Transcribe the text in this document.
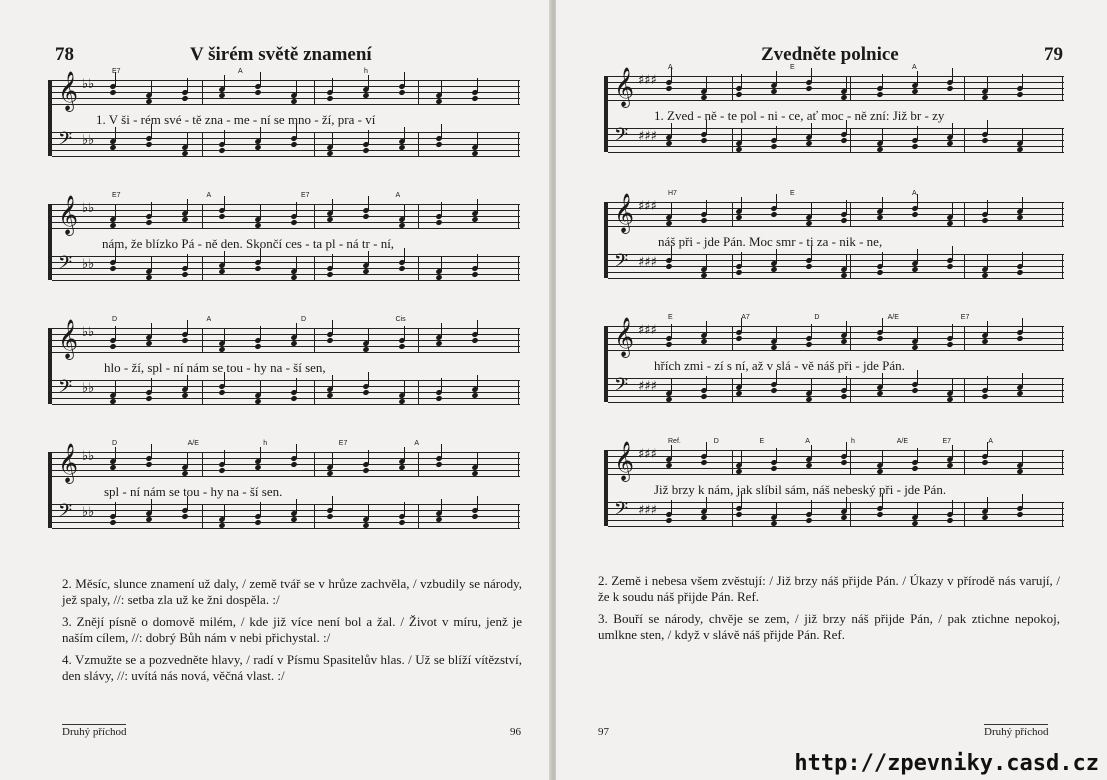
78	V širém světě znamení
𝄞 ♭♭
𝄢 ♭♭
E7	A	h
1. V ši - rém své - tě zna - me - ní se mno - ží, pra - ví
𝄞 ♭♭
𝄢 ♭♭
E7	A	E7	A
nám, že blízko Pá - ně den. Skončí ces - ta pl - ná tr - ní,
𝄞 ♭♭
𝄢 ♭♭
D	A	D	Cis
hlo - ží, spl - ní nám se tou - hy na - ší sen,
𝄞 ♭♭
𝄢 ♭♭
D	A/E	h	E7	A
spl - ní nám se tou - hy na - ší sen.

2. Měsíc, slunce znamení už daly, / země tvář se v hrůze zachvěla, / vzbudily se národy, jež spaly, //: setba zla už ke žni dospěla. :/

3. Znějí písně o domově milém, / kde již více není bol a žal. / Život v míru, jenž je naším cílem, //: dobrý Bůh nám v nebi přichystal. :/

4. Vzmužte se a pozvedněte hlavy, / radí v Písmu Spasitelův hlas. / Už se blíží vítězství, den slávy, //: uvítá nás nová, věčná vlast. :/

Druhý příchod	96
Zvedněte polnice	79
𝄞 ♯♯♯
𝄢 ♯♯♯
A	E	A
1. Zved - ně - te pol - ni - ce, ať moc - ně zní: Již br - zy
𝄞 ♯♯♯
𝄢 ♯♯♯
H7	E	A
náš při - jde Pán. Moc smr - ti za - nik - ne,
𝄞 ♯♯♯
𝄢 ♯♯♯
E	A7	D	A/E	E7
hřích zmi - zí s ní, až v slá - vě náš při - jde Pán.
𝄞 ♯♯♯
𝄢 ♯♯♯
Ref.	D	E	A	h	A/E	E7	A
Již brzy k nám, jak slíbil sám, náš nebeský při - jde Pán.

2. Země i nebesa všem zvěstují: / Již brzy náš přijde Pán. / Úkazy v přírodě nás varují, / že k soudu náš přijde Pán. Ref.

3. Bouří se národy, chvěje se zem, / již brzy náš přijde Pán, / pak ztichne nepokoj, umlkne sten, / když v slávě náš přijde Pán. Ref.

97	Druhý příchod
http://zpevniky.casd.cz
